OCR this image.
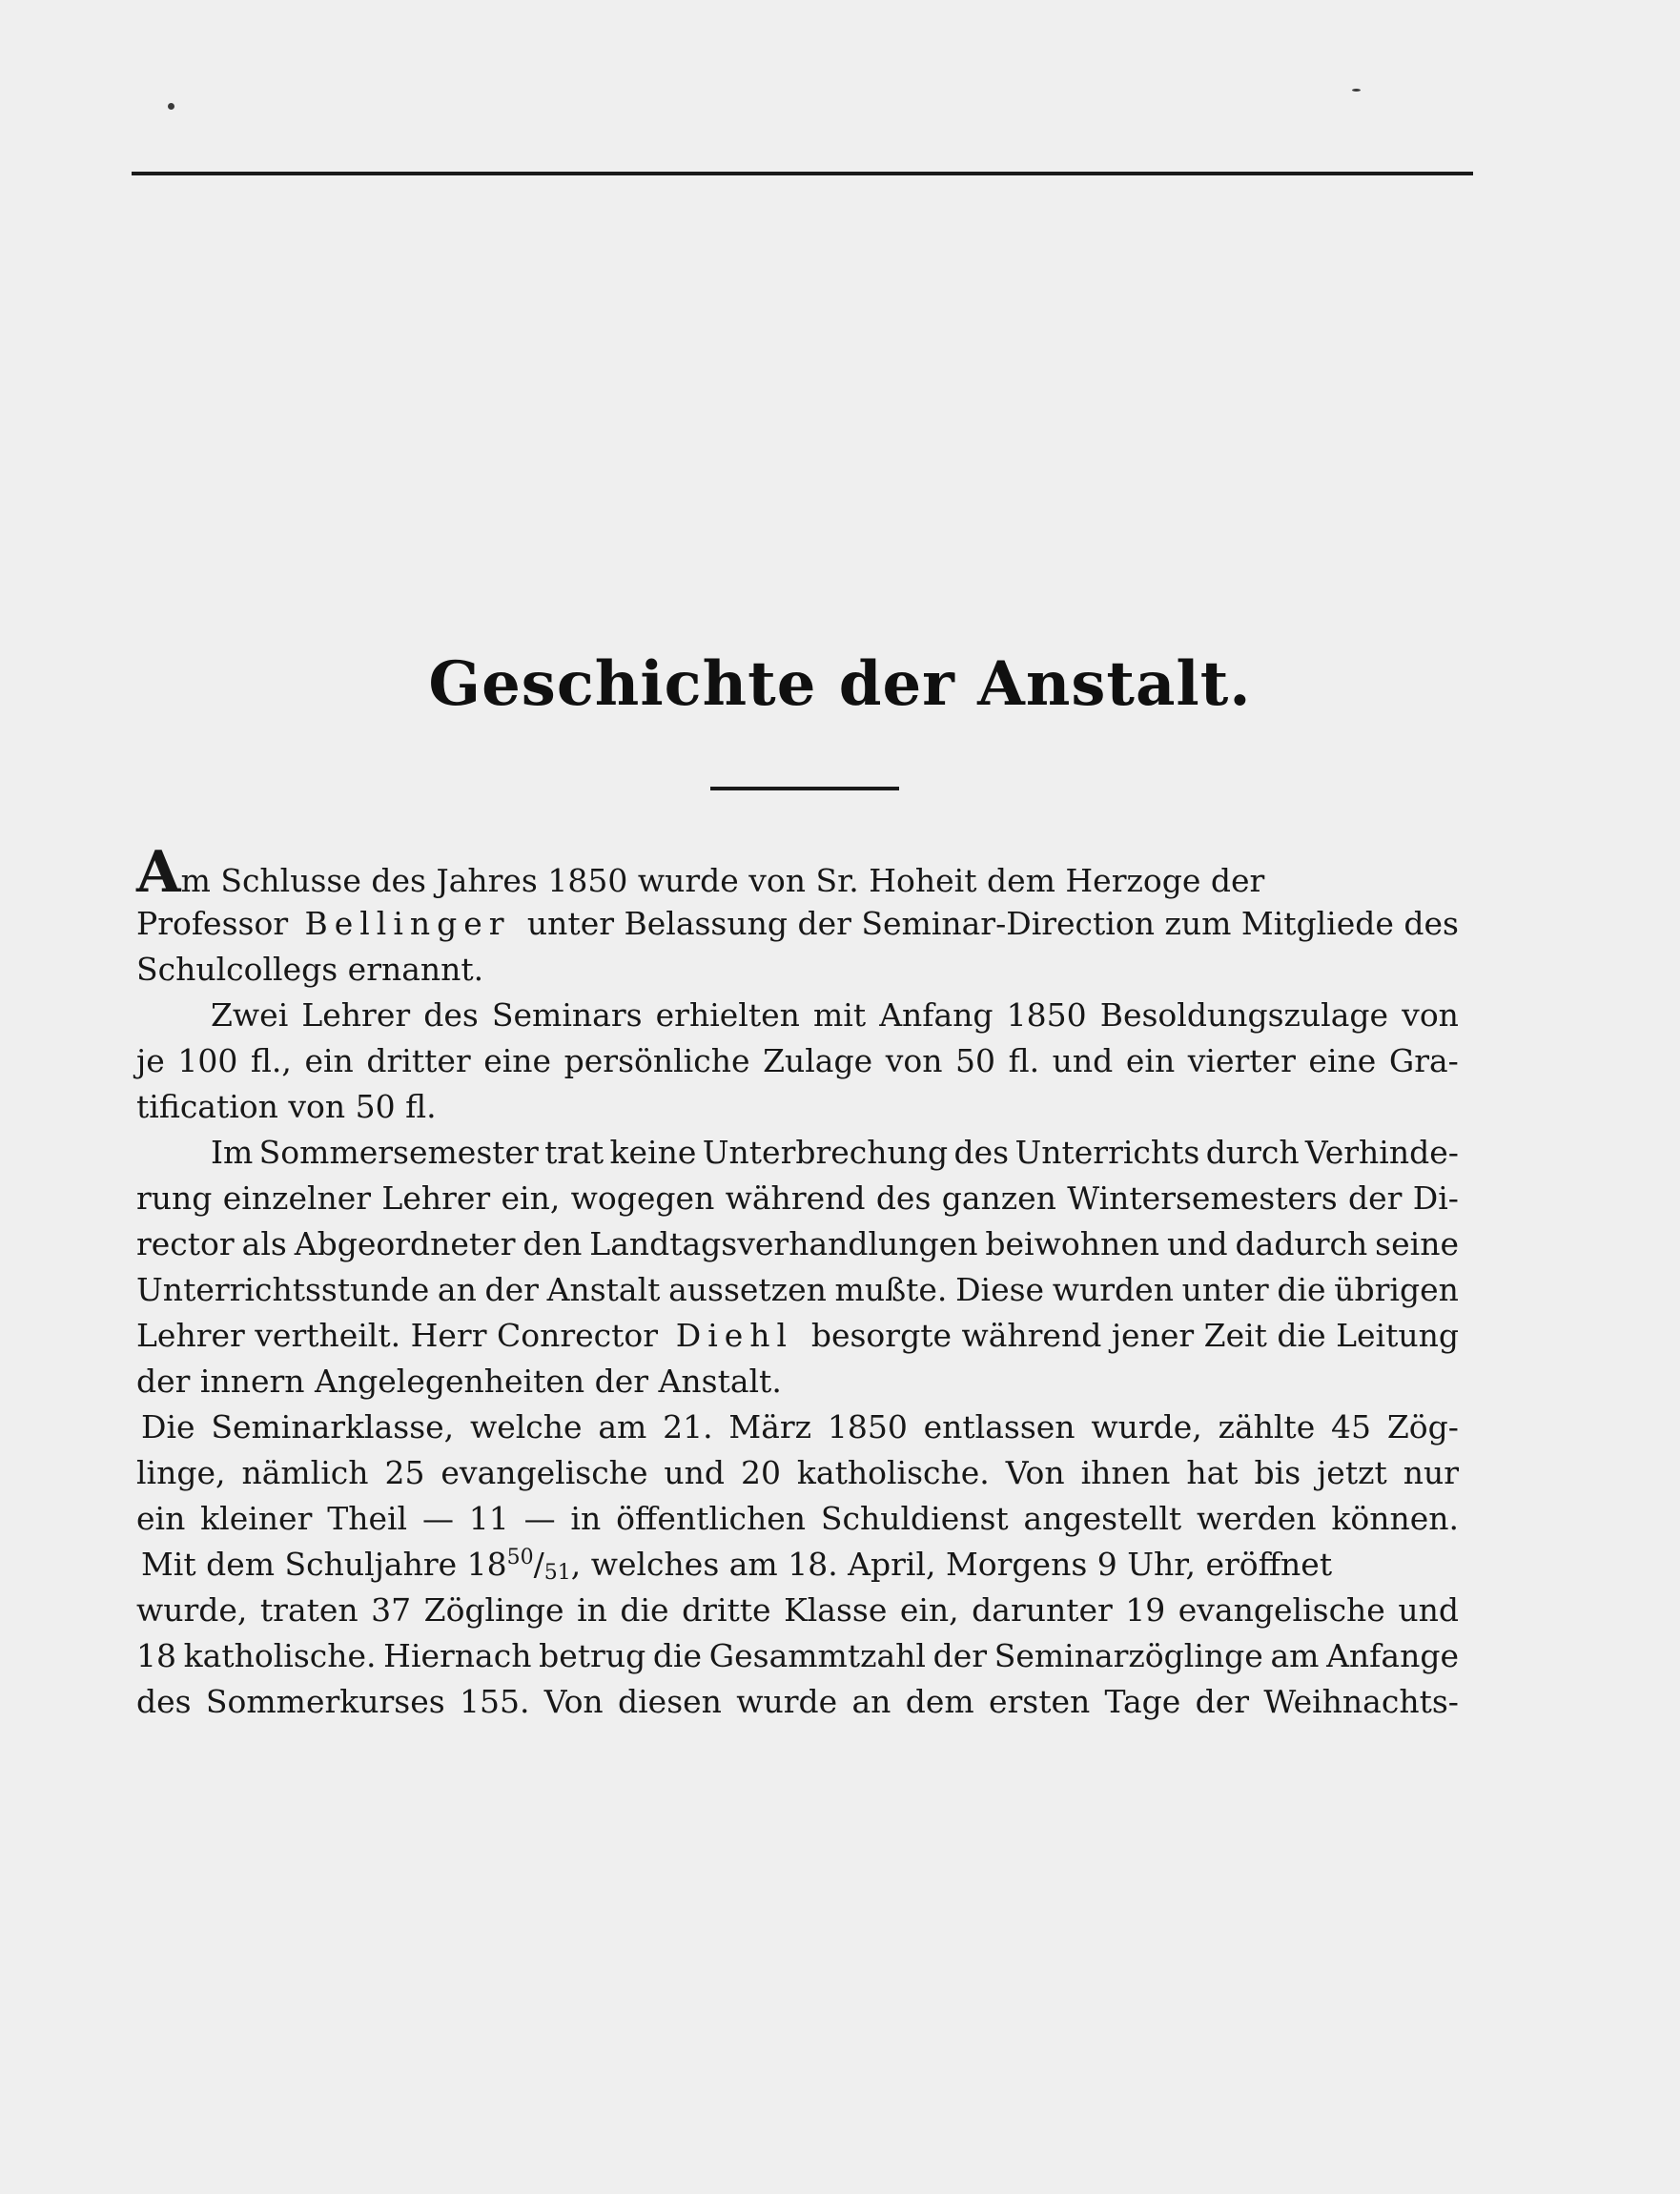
Geschichte der Anstalt.
Am Schlusse des Jahres 1850 wurde von Sr. Hoheit dem Herzoge der
Professor Bellinger unter Belassung der Seminar-Direction zum Mitgliede des
Schulcollegs ernannt.
Zwei Lehrer des Seminars erhielten mit Anfang 1850 Besoldungszulage von
je 100 fl., ein dritter eine persönliche Zulage von 50 fl. und ein vierter eine Gra-
tification von 50 fl.
Im Sommersemester trat keine Unterbrechung des Unterrichts durch Verhinde-
rung einzelner Lehrer ein, wogegen während des ganzen Wintersemesters der Di-
rector als Abgeordneter den Landtagsverhandlungen beiwohnen und dadurch seine
Unterrichtsstunde an der Anstalt aussetzen mußte. Diese wurden unter die übrigen
Lehrer vertheilt. Herr Conrector Diehl besorgte während jener Zeit die Leitung
der innern Angelegenheiten der Anstalt.
Die Seminarklasse, welche am 21. März 1850 entlassen wurde, zählte 45 Zög-
linge, nämlich 25 evangelische und 20 katholische. Von ihnen hat bis jetzt nur
ein kleiner Theil — 11 — in öffentlichen Schuldienst angestellt werden können.
Mit dem Schuljahre $18^{50}/51$, welches am 18. April, Morgens 9 Uhr, eröffnet
wurde, traten 37 Zöglinge in die dritte Klasse ein, darunter 19 evangelische und
18 katholische. Hiernach betrug die Gesammtzahl der Seminarzöglinge am Anfange
des Sommerkurses 155. Von diesen wurde an dem ersten Tage der Weihnachts-
